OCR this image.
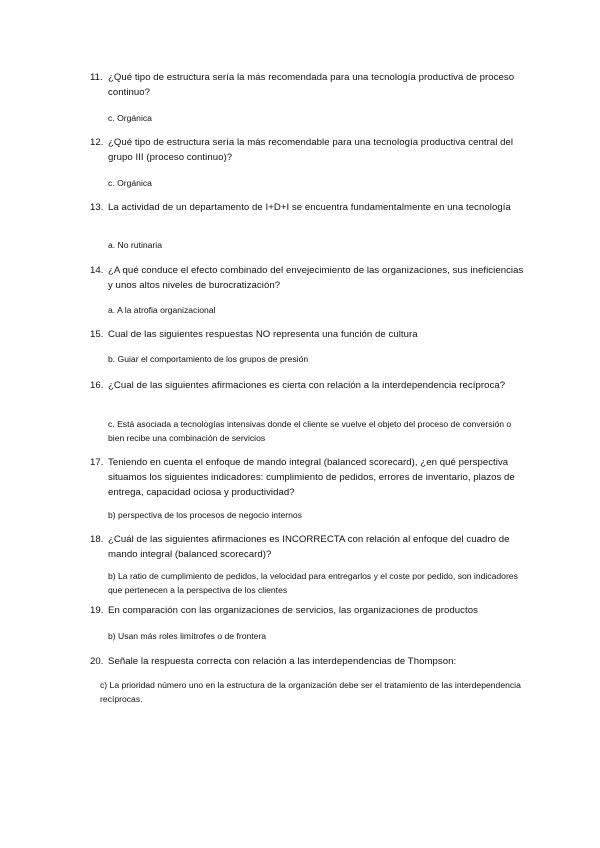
11. ¿Qué tipo de estructura sería la más recomendada para una tecnología productiva de proceso continuo?
c. Orgánica
12. ¿Qué tipo de estructura sería la más recomendable para una tecnología productiva central del grupo III (proceso continuo)?
c. Orgánica
13. La actividad de un departamento de I+D+I se encuentra fundamentalmente en una tecnología
a. No rutinaria
14. ¿A qué conduce el efecto combinado del envejecimiento de las organizaciones, sus ineficiencias y unos altos niveles de burocratización?
a. A la atrofia organizacional
15. Cual de las siguientes respuestas NO representa una función de cultura
b. Guiar el comportamiento de los grupos de presión
16. ¿Cual de las siguientes afirmaciones es cierta con relación a la interdependencia recíproca?
c. Está asociada a tecnologías intensivas donde el cliente se vuelve el objeto del proceso de conversión o bien recibe una combinación de servicios
17. Teniendo en cuenta el enfoque de mando integral (balanced scorecard), ¿en qué perspectiva situamos los siguientes indicadores: cumplimiento de pedidos, errores de inventario, plazos de entrega, capacidad ociosa y productividad?
b) perspectiva de los procesos de negocio internos
18. ¿Cuál de las siguientes afirmaciones es INCORRECTA con relación al enfoque del cuadro de mando integral (balanced scorecard)?
b) La ratio de cumplimiento de pedidos, la velocidad para entregarlos y el coste por pedido, son indicadores que pertenecen a la perspectiva de los clientes
19. En comparación con las organizaciones de servicios, las organizaciones de productos
b) Usan más roles limítrofes o de frontera
20. Señale la respuesta correcta con relación a las interdependencias de Thompson:
c) La prioridad número uno en la estructura de la organización debe ser el tratamiento de las interdependencia recíprocas.
